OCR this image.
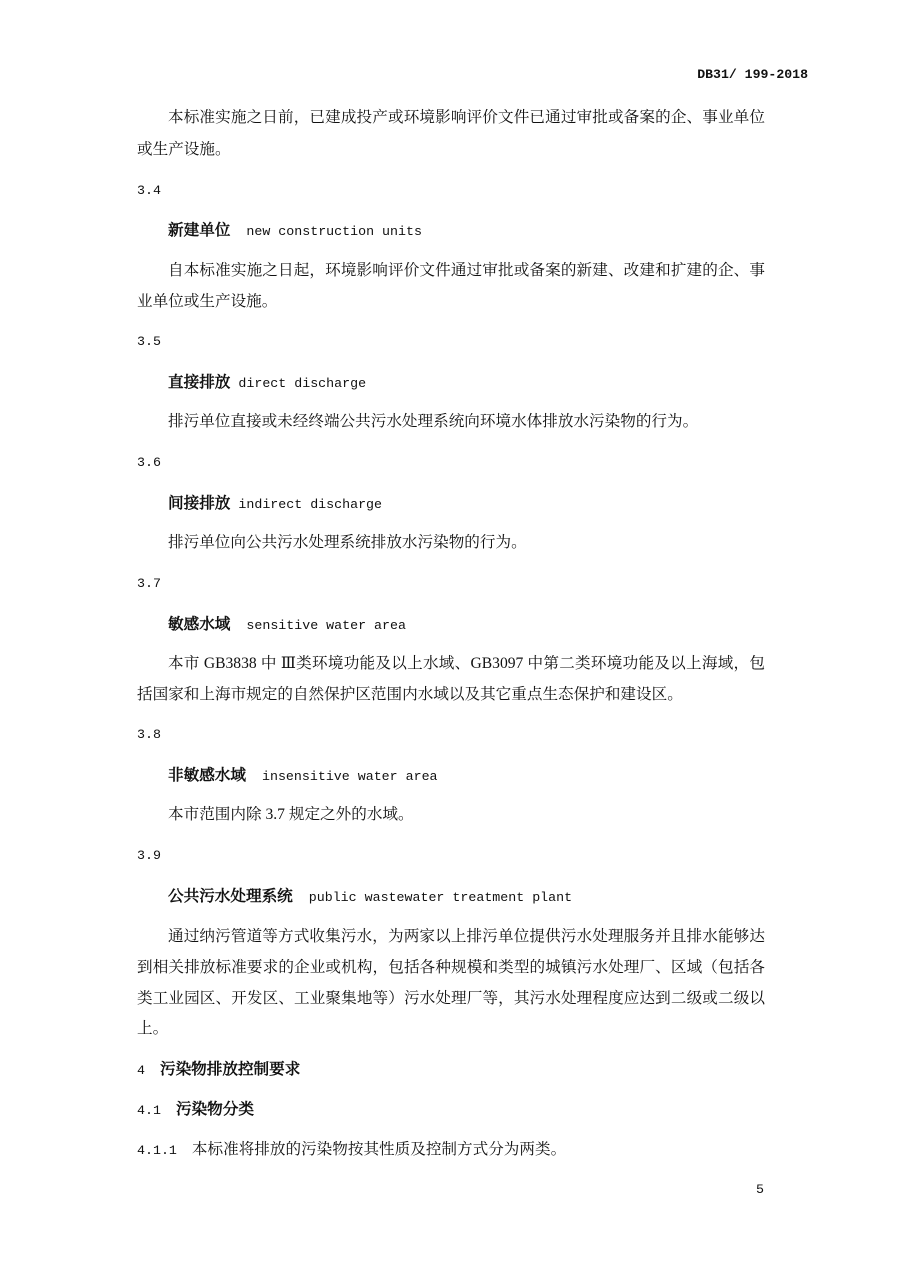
DB31/ 199-2018
本标准实施之日前，已建成投产或环境影响评价文件已通过审批或备案的企、事业单位
或生产设施。
3.4
新建单位 new construction units
自本标准实施之日起，环境影响评价文件通过审批或备案的新建、改建和扩建的企、事
业单位或生产设施。
3.5
直接排放 direct discharge
排污单位直接或未经终端公共污水处理系统向环境水体排放水污染物的行为。
3.6
间接排放 indirect discharge
排污单位向公共污水处理系统排放水污染物的行为。
3.7
敏感水域 sensitive water area
本市 GB3838 中 Ⅲ类环境功能及以上水域、GB3097 中第二类环境功能及以上海域，包
括国家和上海市规定的自然保护区范围内水域以及其它重点生态保护和建设区。
3.8
非敏感水域 insensitive water area
本市范围内除 3.7 规定之外的水域。
3.9
公共污水处理系统 public wastewater treatment plant
通过纳污管道等方式收集污水，为两家以上排污单位提供污水处理服务并且排水能够达
到相关排放标准要求的企业或机构，包括各种规模和类型的城镇污水处理厂、区域（包括各
类工业园区、开发区、工业聚集地等）污水处理厂等，其污水处理程度应达到二级或二级以
上。
4 污染物排放控制要求
4.1 污染物分类
4.1.1 本标准将排放的污染物按其性质及控制方式分为两类。
5
